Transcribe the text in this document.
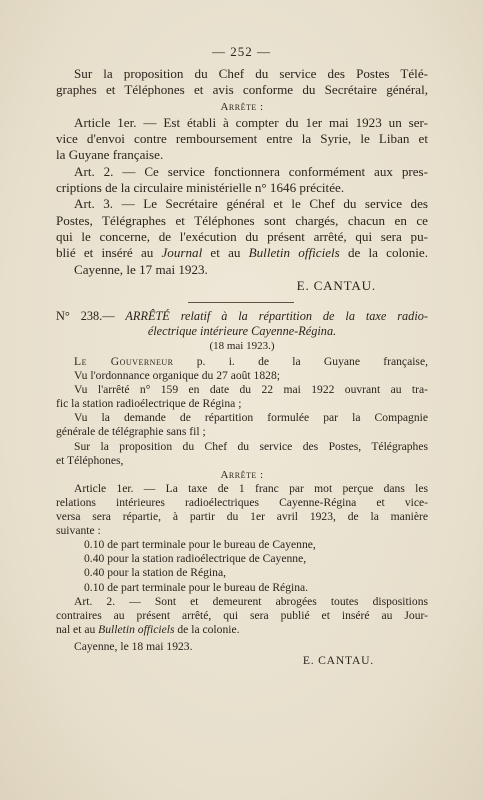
— 252 —

Sur la proposition du Chef du service des Postes Télé-

graphes et Téléphones et avis conforme du Secrétaire général,

Arrête :

Article 1er. — Est établi à compter du 1er mai 1923 un ser-

vice d'envoi contre remboursement entre la Syrie, le Liban et

la Guyane française.

Art. 2. — Ce service fonctionnera conformément aux pres-

criptions de la circulaire ministérielle n° 1646 précitée.

Art. 3. — Le Secrétaire général et le Chef du service des

Postes, Télégraphes et Téléphones sont chargés, chacun en ce

qui le concerne, de l'exécution du présent arrêté, qui sera pu-

blié et inséré au Journal et au Bulletin officiels de la colonie.

Cayenne, le 17 mai 1923.

E. CANTAU.

N° 238.— ARRÊTÉ relatif à la répartition de la taxe radio-

électrique intérieure Cayenne-Régina.

(18 mai 1923.)

Le Gouverneur p. i. de la Guyane française,

Vu l'ordonnance organique du 27 août 1828;

Vu l'arrêté n° 159 en date du 22 mai 1922 ouvrant au tra-

fic la station radioélectrique de Régina ;

Vu la demande de répartition formulée par la Compagnie

générale de télégraphie sans fil ;

Sur la proposition du Chef du service des Postes, Télégraphes

et Téléphones,

Arrête :

Article 1er. — La taxe de 1 franc par mot perçue dans les

relations intérieures radioélectriques Cayenne-Régina et vice-

versa sera répartie, à partir du 1er avril 1923, de la manière

suivante :

0.10 de part terminale pour le bureau de Cayenne,

0.40 pour la station radioélectrique de Cayenne,

0.40 pour la station de Régina,

0.10 de part terminale pour le bureau de Régina.

Art. 2. — Sont et demeurent abrogées toutes dispositions

contraires au présent arrêté, qui sera publié et inséré au Jour-

nal et au Bulletin officiels de la colonie.

Cayenne, le 18 mai 1923.

E. CANTAU.
